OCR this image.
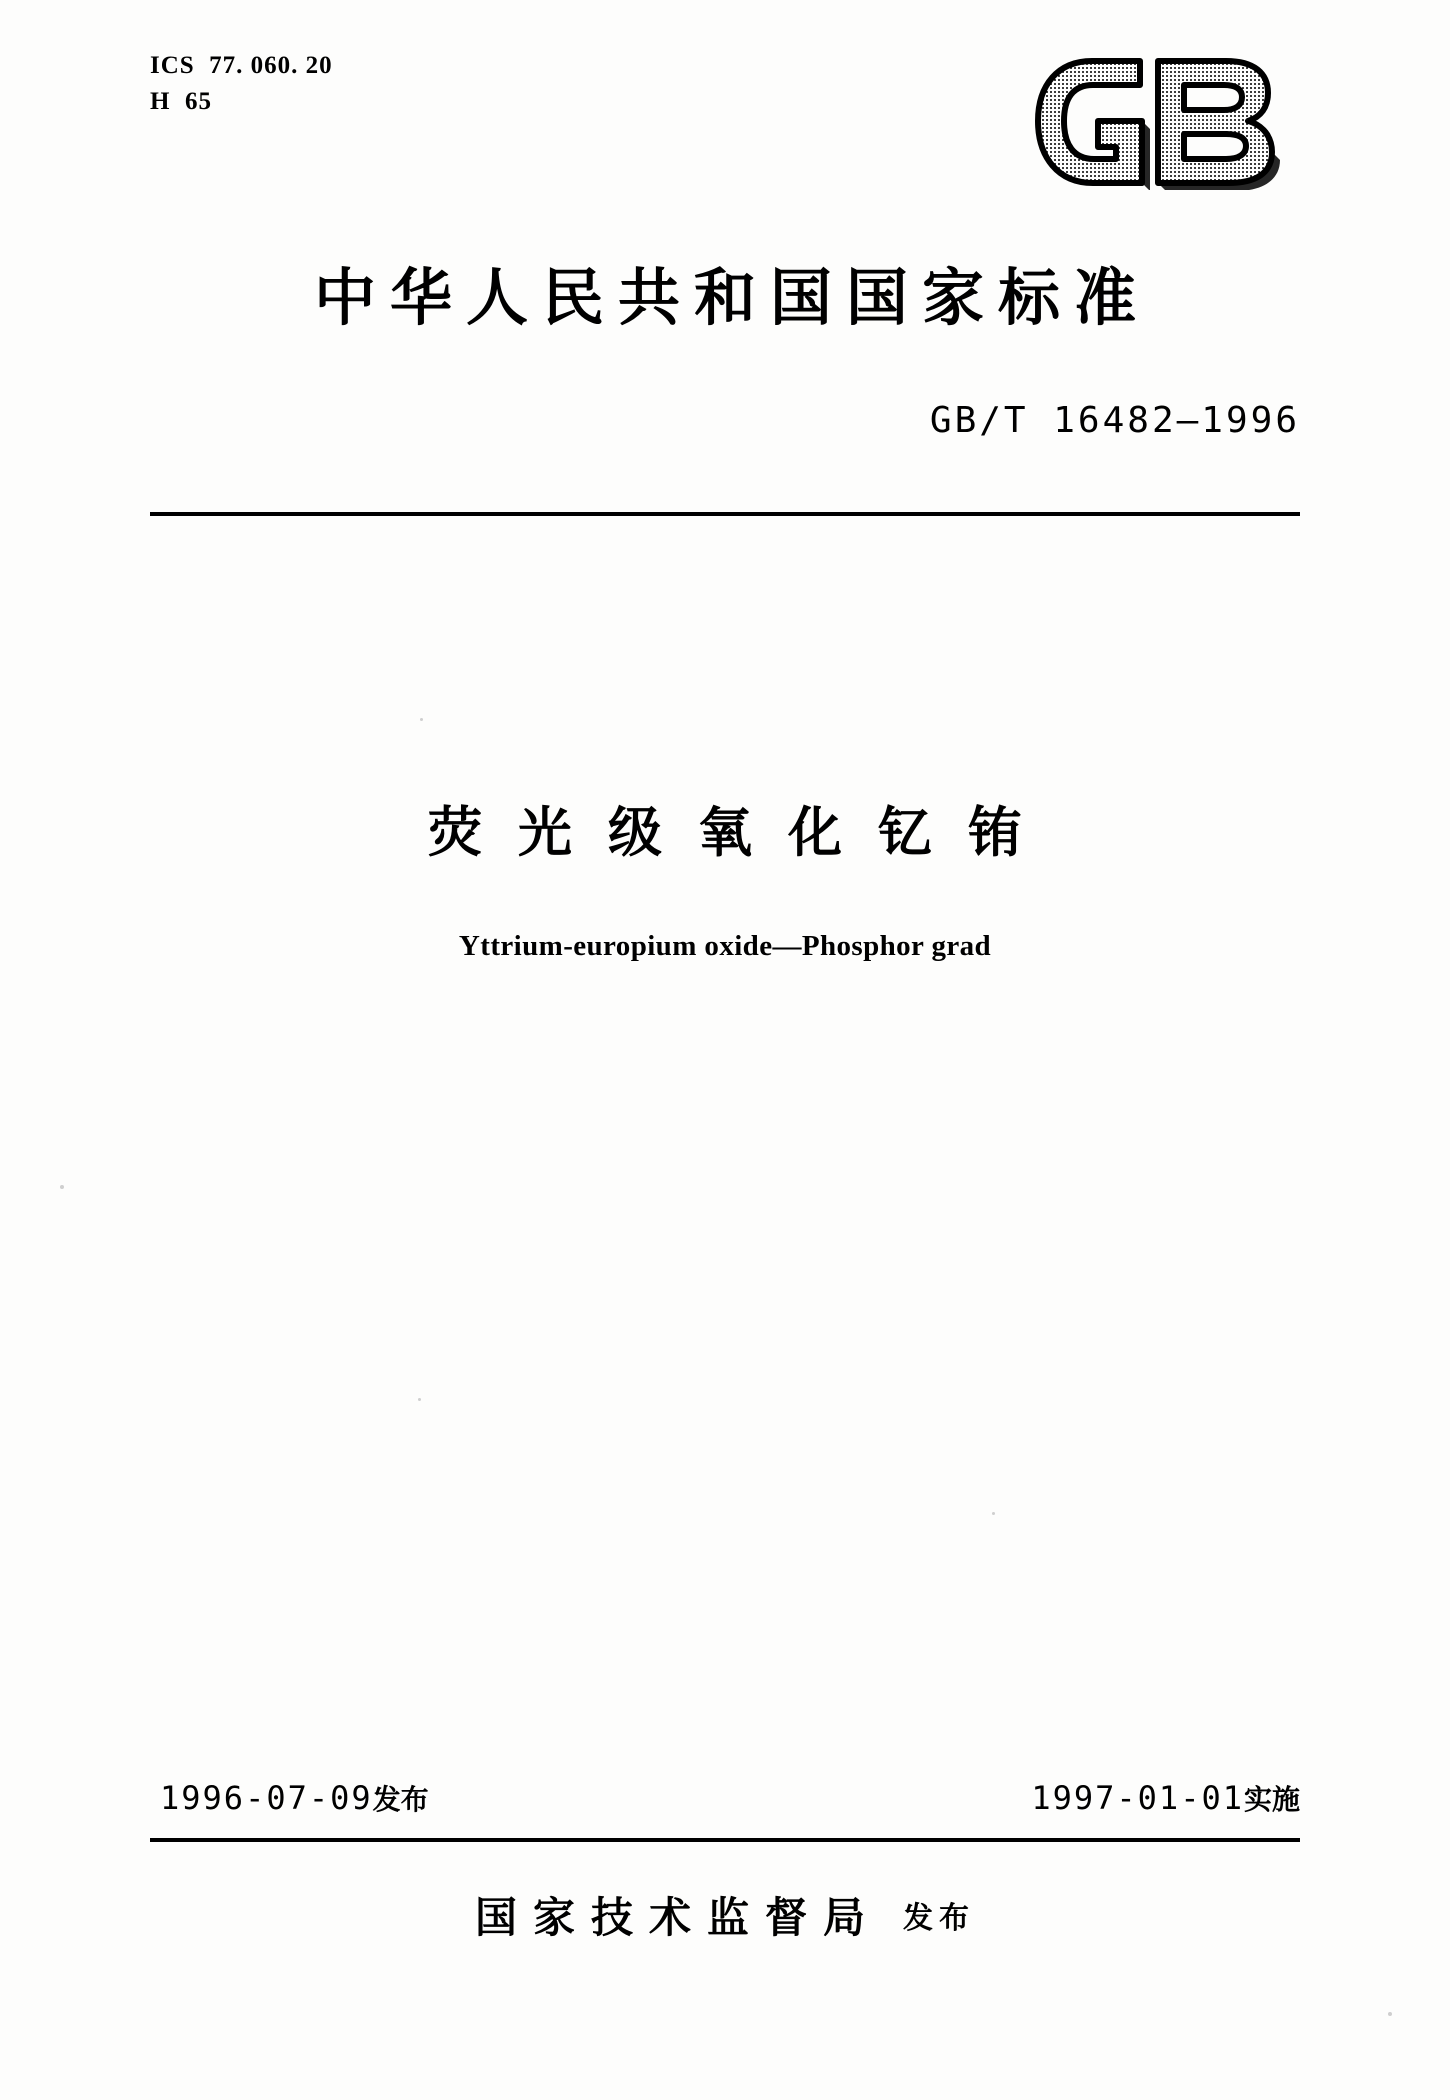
ICS  77. 060. 20
H  65
中华人民共和国国家标准
GB/T 16482—1996
荧光级氧化钇铕
Yttrium-europium oxide—Phosphor grad
1996-07-09发布	1997-01-01实施
国家技术监督局 发布
